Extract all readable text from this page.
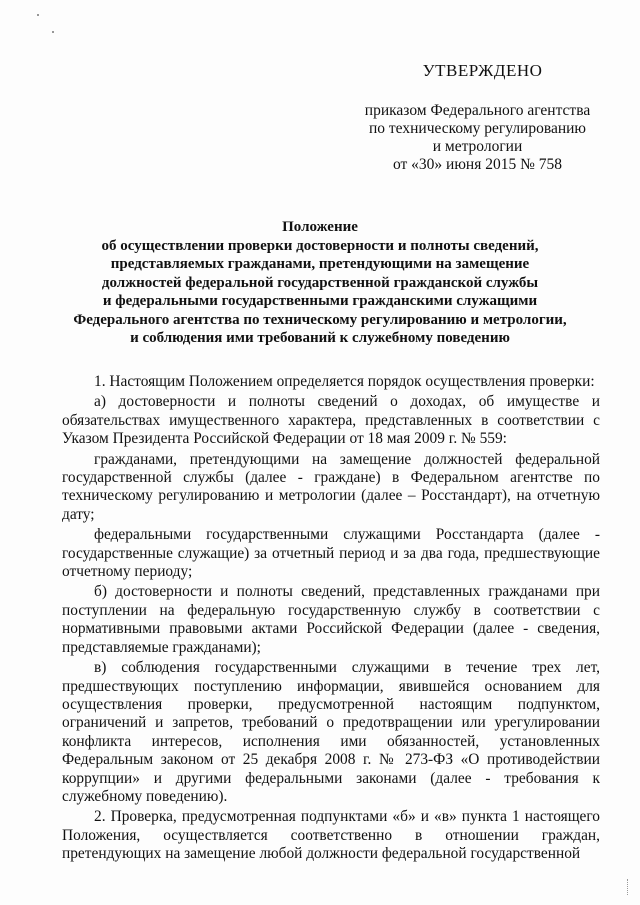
УТВЕРЖДЕНО
приказом Федерального агентства
по техническому регулированию
и метрологии
от «30» июня 2015 № 758
Положение
об осуществлении проверки достоверности и полноты сведений,
представляемых гражданами, претендующими на замещение
должностей федеральной государственной гражданской службы
и федеральными государственными гражданскими служащими
Федерального агентства по техническому регулированию и метрологии,
и соблюдения ими требований к служебному поведению

1. Настоящим Положением определяется порядок осуществления проверки:

а) достоверности и полноты сведений о доходах, об имуществе и обязательствах имущественного характера, представленных в соответствии с Указом Президента Российской Федерации от 18 мая 2009 г. № 559:

гражданами, претендующими на замещение должностей федеральной государственной службы (далее - граждане) в Федеральном агентстве по техническому регулированию и метрологии (далее – Росстандарт), на отчетную дату;

федеральными государственными служащими Росстандарта (далее - государственные служащие) за отчетный период и за два года, предшествующие отчетному периоду;

б) достоверности и полноты сведений, представленных гражданами при поступлении на федеральную государственную службу в соответствии с нормативными правовыми актами Российской Федерации (далее - сведения, представляемые гражданами);

в) соблюдения государственными служащими в течение трех лет, предшествующих поступлению информации, явившейся основанием для осуществления проверки, предусмотренной настоящим подпунктом, ограничений и запретов, требований о предотвращении или урегулировании конфликта интересов, исполнения ими обязанностей, установленных Федеральным законом от 25 декабря 2008 г. № 273-ФЗ «О противодействии коррупции» и другими федеральными законами (далее - требования к служебному поведению).

2. Проверка, предусмотренная подпунктами «б» и «в» пункта 1 настоящего Положения, осуществляется соответственно в отношении граждан, претендующих на замещение любой должности федеральной государственной
